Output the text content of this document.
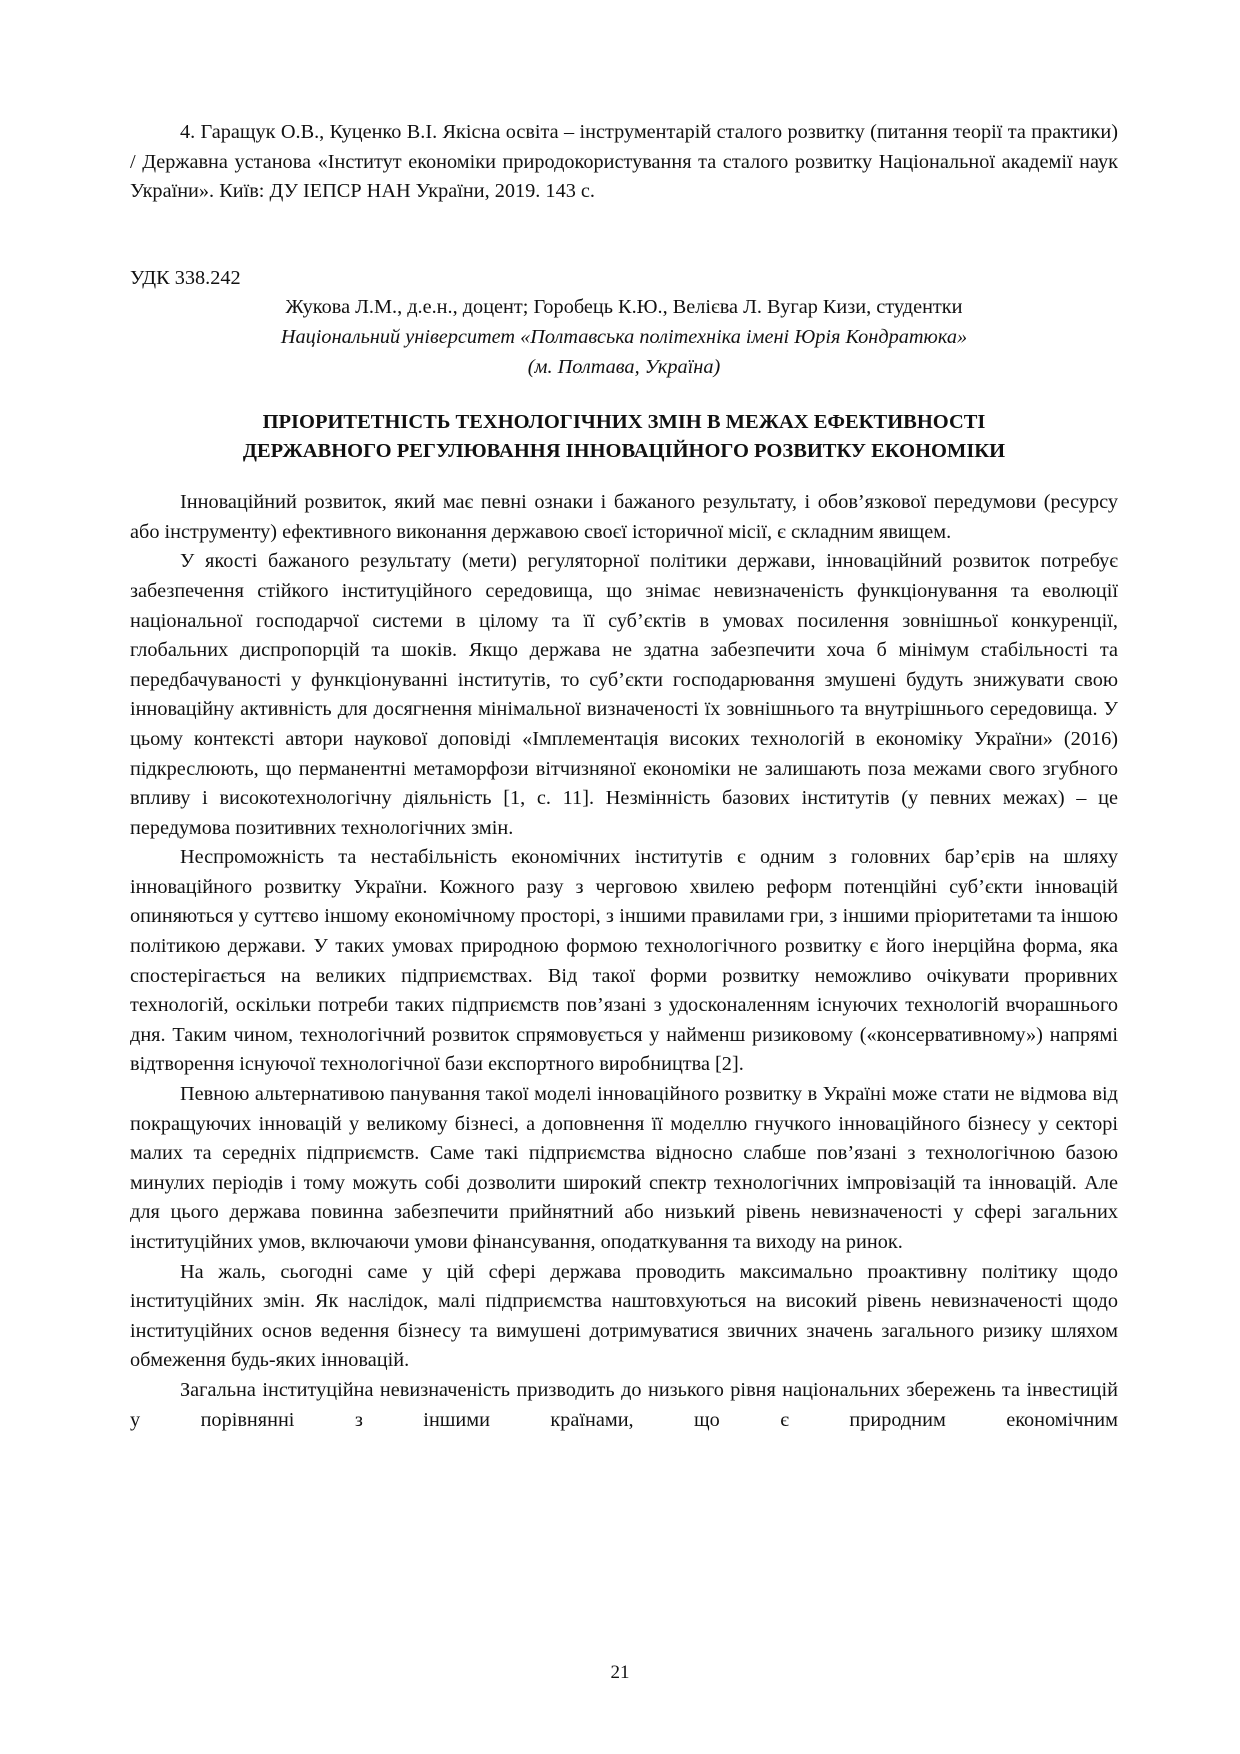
4. Гаращук О.В., Куценко В.І. Якісна освіта – інструментарій сталого розвитку (питання теорії та практики) / Державна установа «Інститут економіки природокористування та сталого розвитку Національної академії наук України». Київ: ДУ ІЕПСР НАН України, 2019. 143 с.

УДК 338.242

Жукова Л.М., д.е.н., доцент; Горобець К.Ю., Велієва Л. Вугар Кизи, студентки

Національний університет «Полтавська політехніка імені Юрія Кондратюка»

(м. Полтава, Україна)

ПРІОРИТЕТНІСТЬ ТЕХНОЛОГІЧНИХ ЗМІН В МЕЖАХ ЕФЕКТИВНОСТІ
ДЕРЖАВНОГО РЕГУЛЮВАННЯ ІННОВАЦІЙНОГО РОЗВИТКУ ЕКОНОМІКИ

Інноваційний розвиток, який має певні ознаки і бажаного результату, і обов’язкової передумови (ресурсу або інструменту) ефективного виконання державою своєї історичної місії, є складним явищем.

У якості бажаного результату (мети) регуляторної політики держави, інноваційний розвиток потребує забезпечення стійкого інституційного середовища, що знімає невизначеність функціонування та еволюції національної господарчої системи в цілому та її суб’єктів в умовах посилення зовнішньої конкуренції, глобальних диспропорцій та шоків. Якщо держава не здатна забезпечити хоча б мінімум стабільності та передбачуваності у функціонуванні інститутів, то суб’єкти господарювання змушені будуть знижувати свою інноваційну активність для досягнення мінімальної визначеності їх зовнішнього та внутрішнього середовища. У цьому контексті автори наукової доповіді «Імплементація високих технологій в економіку України» (2016) підкреслюють, що перманентні метаморфози вітчизняної економіки не залишають поза межами свого згубного впливу і високотехнологічну діяльність [1, с. 11]. Незмінність базових інститутів (у певних межах) – це передумова позитивних технологічних змін.

Неспроможність та нестабільність економічних інститутів є одним з головних бар’єрів на шляху інноваційного розвитку України. Кожного разу з черговою хвилею реформ потенційні суб’єкти інновацій опиняються у суттєво іншому економічному просторі, з іншими правилами гри, з іншими пріоритетами та іншою політикою держави. У таких умовах природною формою технологічного розвитку є його інерційна форма, яка спостерігається на великих підприємствах. Від такої форми розвитку неможливо очікувати проривних технологій, оскільки потреби таких підприємств пов’язані з удосконаленням існуючих технологій вчорашнього дня. Таким чином, технологічний розвиток спрямовується у найменш ризиковому («консервативному») напрямі відтворення існуючої технологічної бази експортного виробництва [2].

Певною альтернативою панування такої моделі інноваційного розвитку в Україні може стати не відмова від покращуючих інновацій у великому бізнесі, а доповнення її моделлю гнучкого інноваційного бізнесу у секторі малих та середніх підприємств. Саме такі підприємства відносно слабше пов’язані з технологічною базою минулих періодів і тому можуть собі дозволити широкий спектр технологічних імпровізацій та інновацій. Але для цього держава повинна забезпечити прийнятний або низький рівень невизначеності у сфері загальних інституційних умов, включаючи умови фінансування, оподаткування та виходу на ринок.

На жаль, сьогодні саме у цій сфері держава проводить максимально проактивну політику щодо інституційних змін. Як наслідок, малі підприємства наштовхуються на високий рівень невизначеності щодо інституційних основ ведення бізнесу та вимушені дотримуватися звичних значень загального ризику шляхом обмеження будь-яких інновацій.

Загальна інституційна невизначеність призводить до низького рівня національних збережень та інвестицій у порівнянні з іншими країнами, що є природним економічним

21
